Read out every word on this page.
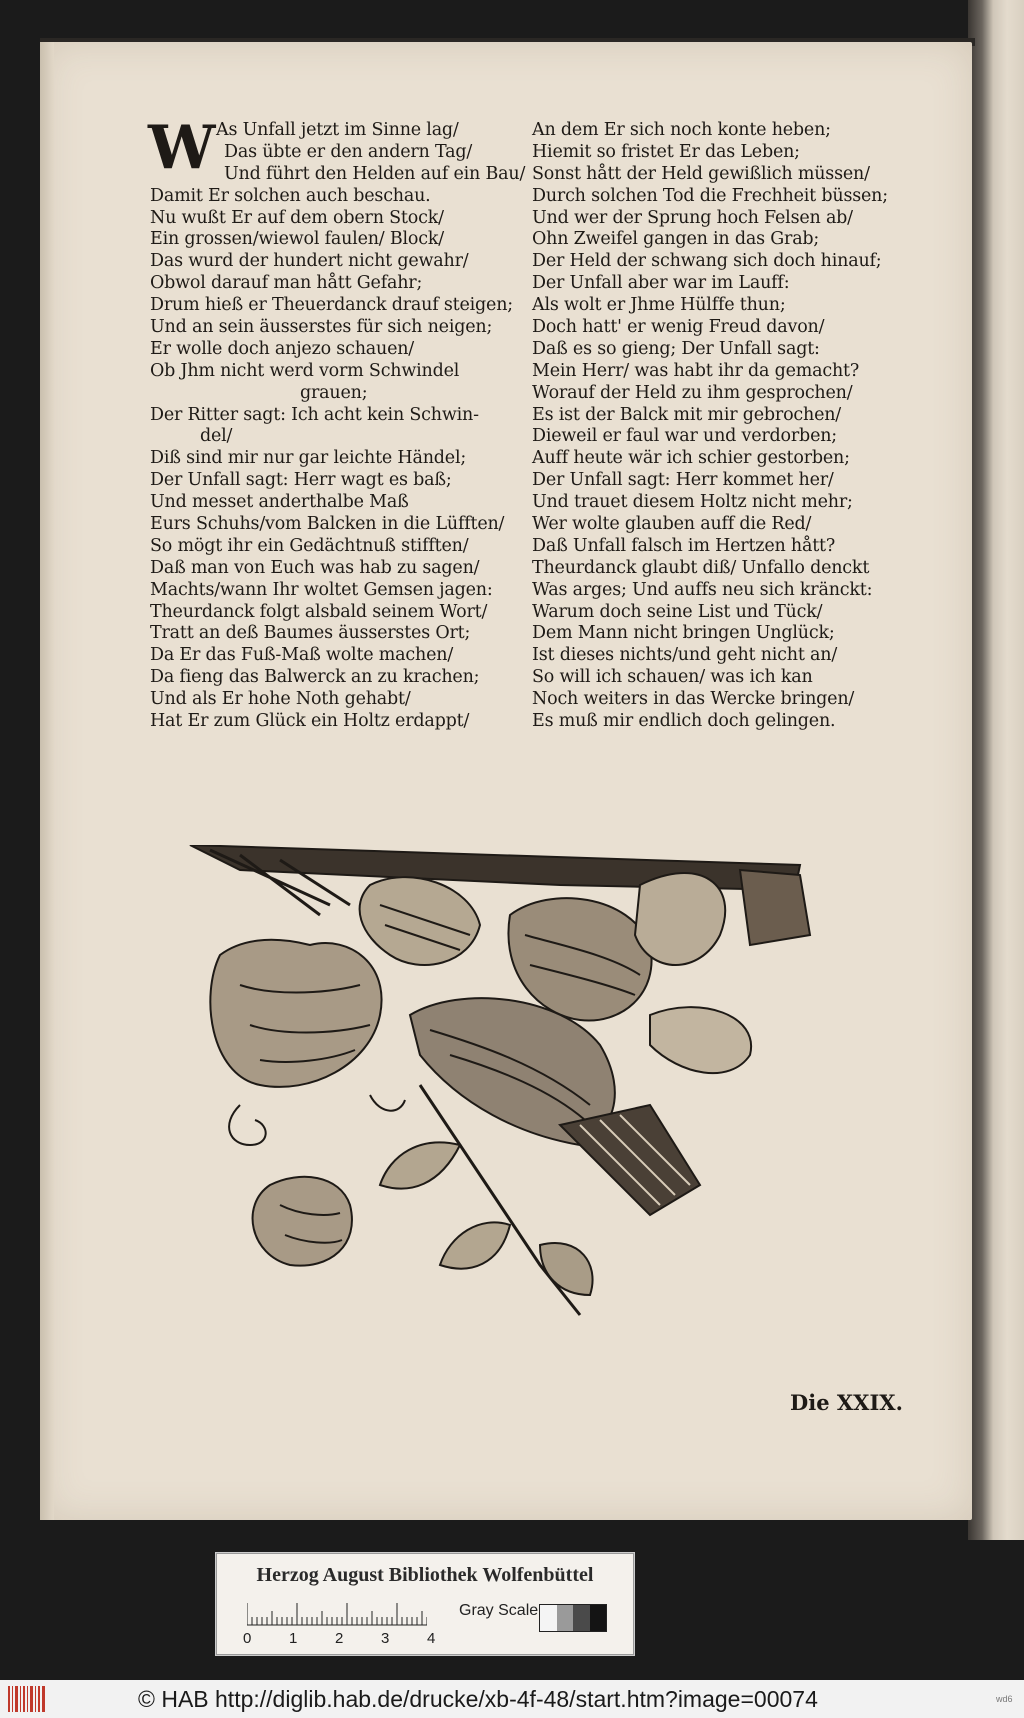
W As Unfall jetzt im Sinne lag/
Das übte er den andern Tag/
Und führt den Helden auf ein Bau/
Damit Er solchen auch beschau.
Nu wußt Er auf dem obern Stock/
Ein grossen/wiewol faulen/ Block/
Das wurd der hundert nicht gewahr/
Obwol darauf man hått Gefahr;
Drum hieß er Theuerdanck drauf steigen;
Und an sein äusserstes für sich neigen;
Er wolle doch anjezo schauen/
Ob Jhm nicht werd vorm Schwindel
grauen;
Der Ritter sagt: Ich acht kein Schwin-
del/
Diß sind mir nur gar leichte Händel;
Der Unfall sagt: Herr wagt es baß;
Und messet anderthalbe Maß
Eurs Schuhs/vom Balcken in die Lüfften/
So mögt ihr ein Gedächtnuß stifften/
Daß man von Euch was hab zu sagen/
Machts/wann Ihr woltet Gemsen jagen:
Theurdanck folgt alsbald seinem Wort/
Tratt an deß Baumes äusserstes Ort;
Da Er das Fuß-Maß wolte machen/
Da fieng das Balwerck an zu krachen;
Und als Er hohe Noth gehabt/
Hat Er zum Glück ein Holtz erdappt/
An dem Er sich noch konte heben;
Hiemit so fristet Er das Leben;
Sonst hått der Held gewißlich müssen/
Durch solchen Tod die Frechheit büssen;
Und wer der Sprung hoch Felsen ab/
Ohn Zweifel gangen in das Grab;
Der Held der schwang sich doch hinauf;
Der Unfall aber war im Lauff:
Als wolt er Jhme Hülffe thun;
Doch hatt' er wenig Freud davon/
Daß es so gieng; Der Unfall sagt:
Mein Herr/ was habt ihr da gemacht?
Worauf der Held zu ihm gesprochen/
Es ist der Balck mit mir gebrochen/
Dieweil er faul war und verdorben;
Auff heute wär ich schier gestorben;
Der Unfall sagt: Herr kommet her/
Und trauet diesem Holtz nicht mehr;
Wer wolte glauben auff die Red/
Daß Unfall falsch im Hertzen hått?
Theurdanck glaubt diß/ Unfallo denckt
Was arges; Und auffs neu sich kränckt:
Warum doch seine List und Tück/
Dem Mann nicht bringen Unglück;
Ist dieses nichts/und geht nicht an/
So will ich schauen/ was ich kan
Noch weiters in das Wercke bringen/
Es muß mir endlich doch gelingen.
Die XXIX.
Herzog August Bibliothek Wolfenbüttel
0	1	2	3	4
Gray Scale
© HAB http://diglib.hab.de/drucke/xb-4f-48/start.htm?image=00074	wd6
